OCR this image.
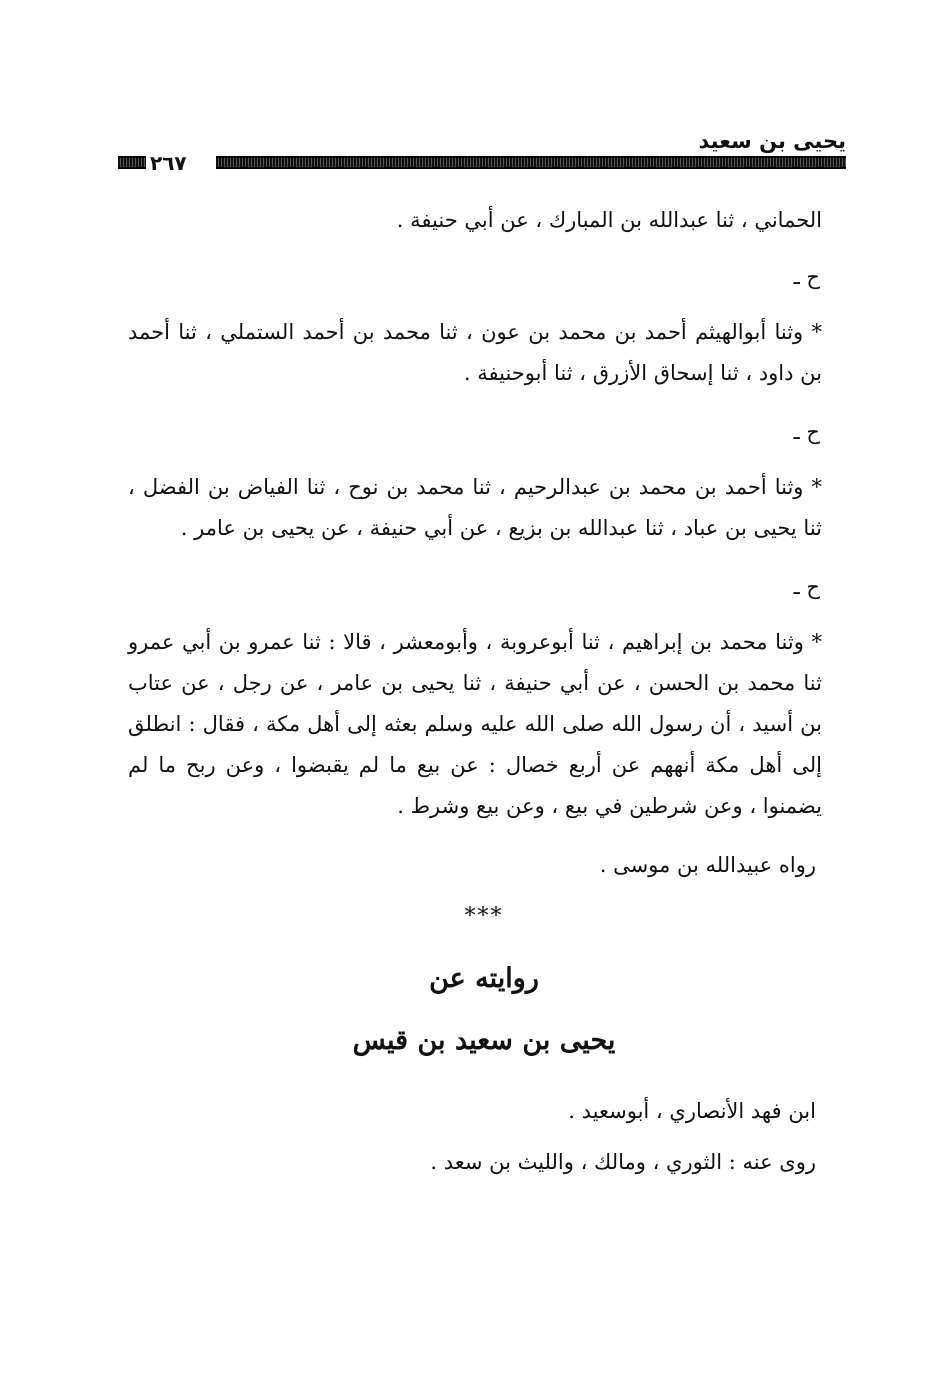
يحيى بن سعيد
٢٦٧

الحماني ، ثنا عبدالله بن المبارك ، عن أبي حنيفة .

ح ـ

* وثنا أبوالهيثم أحمد بن محمد بن عون ، ثنا محمد بن أحمد الستملي ، ثنا أحمد بن داود ، ثنا إسحاق الأزرق ، ثنا أبوحنيفة .

ح ـ

* وثنا أحمد بن محمد بن عبدالرحيم ، ثنا محمد بن نوح ، ثنا الفياض بن الفضل ، ثنا يحيى بن عباد ، ثنا عبدالله بن بزيع ، عن أبي حنيفة ، عن يحيى بن عامر .

ح ـ

* وثنا محمد بن إبراهيم ، ثنا أبوعروبة ، وأبومعشر ، قالا : ثنا عمرو بن أبي عمرو ثنا محمد بن الحسن ، عن أبي حنيفة ، ثنا يحيى بن عامر ، عن رجل ، عن عتاب بن أسيد ، أن رسول الله صلى الله عليه وسلم بعثه إلى أهل مكة ، فقال : انطلق إلى أهل مكة أنههم عن أربع خصال : عن بيع ما لم يقبضوا ، وعن ربح ما لم يضمنوا ، وعن شرطين في بيع ، وعن بيع وشرط .

رواه عبيدالله بن موسى .

***

روايته عن

يحيى بن سعيد بن قيس

ابن فهد الأنصاري ، أبوسعيد .

روى عنه : الثوري ، ومالك ، والليث بن سعد .
